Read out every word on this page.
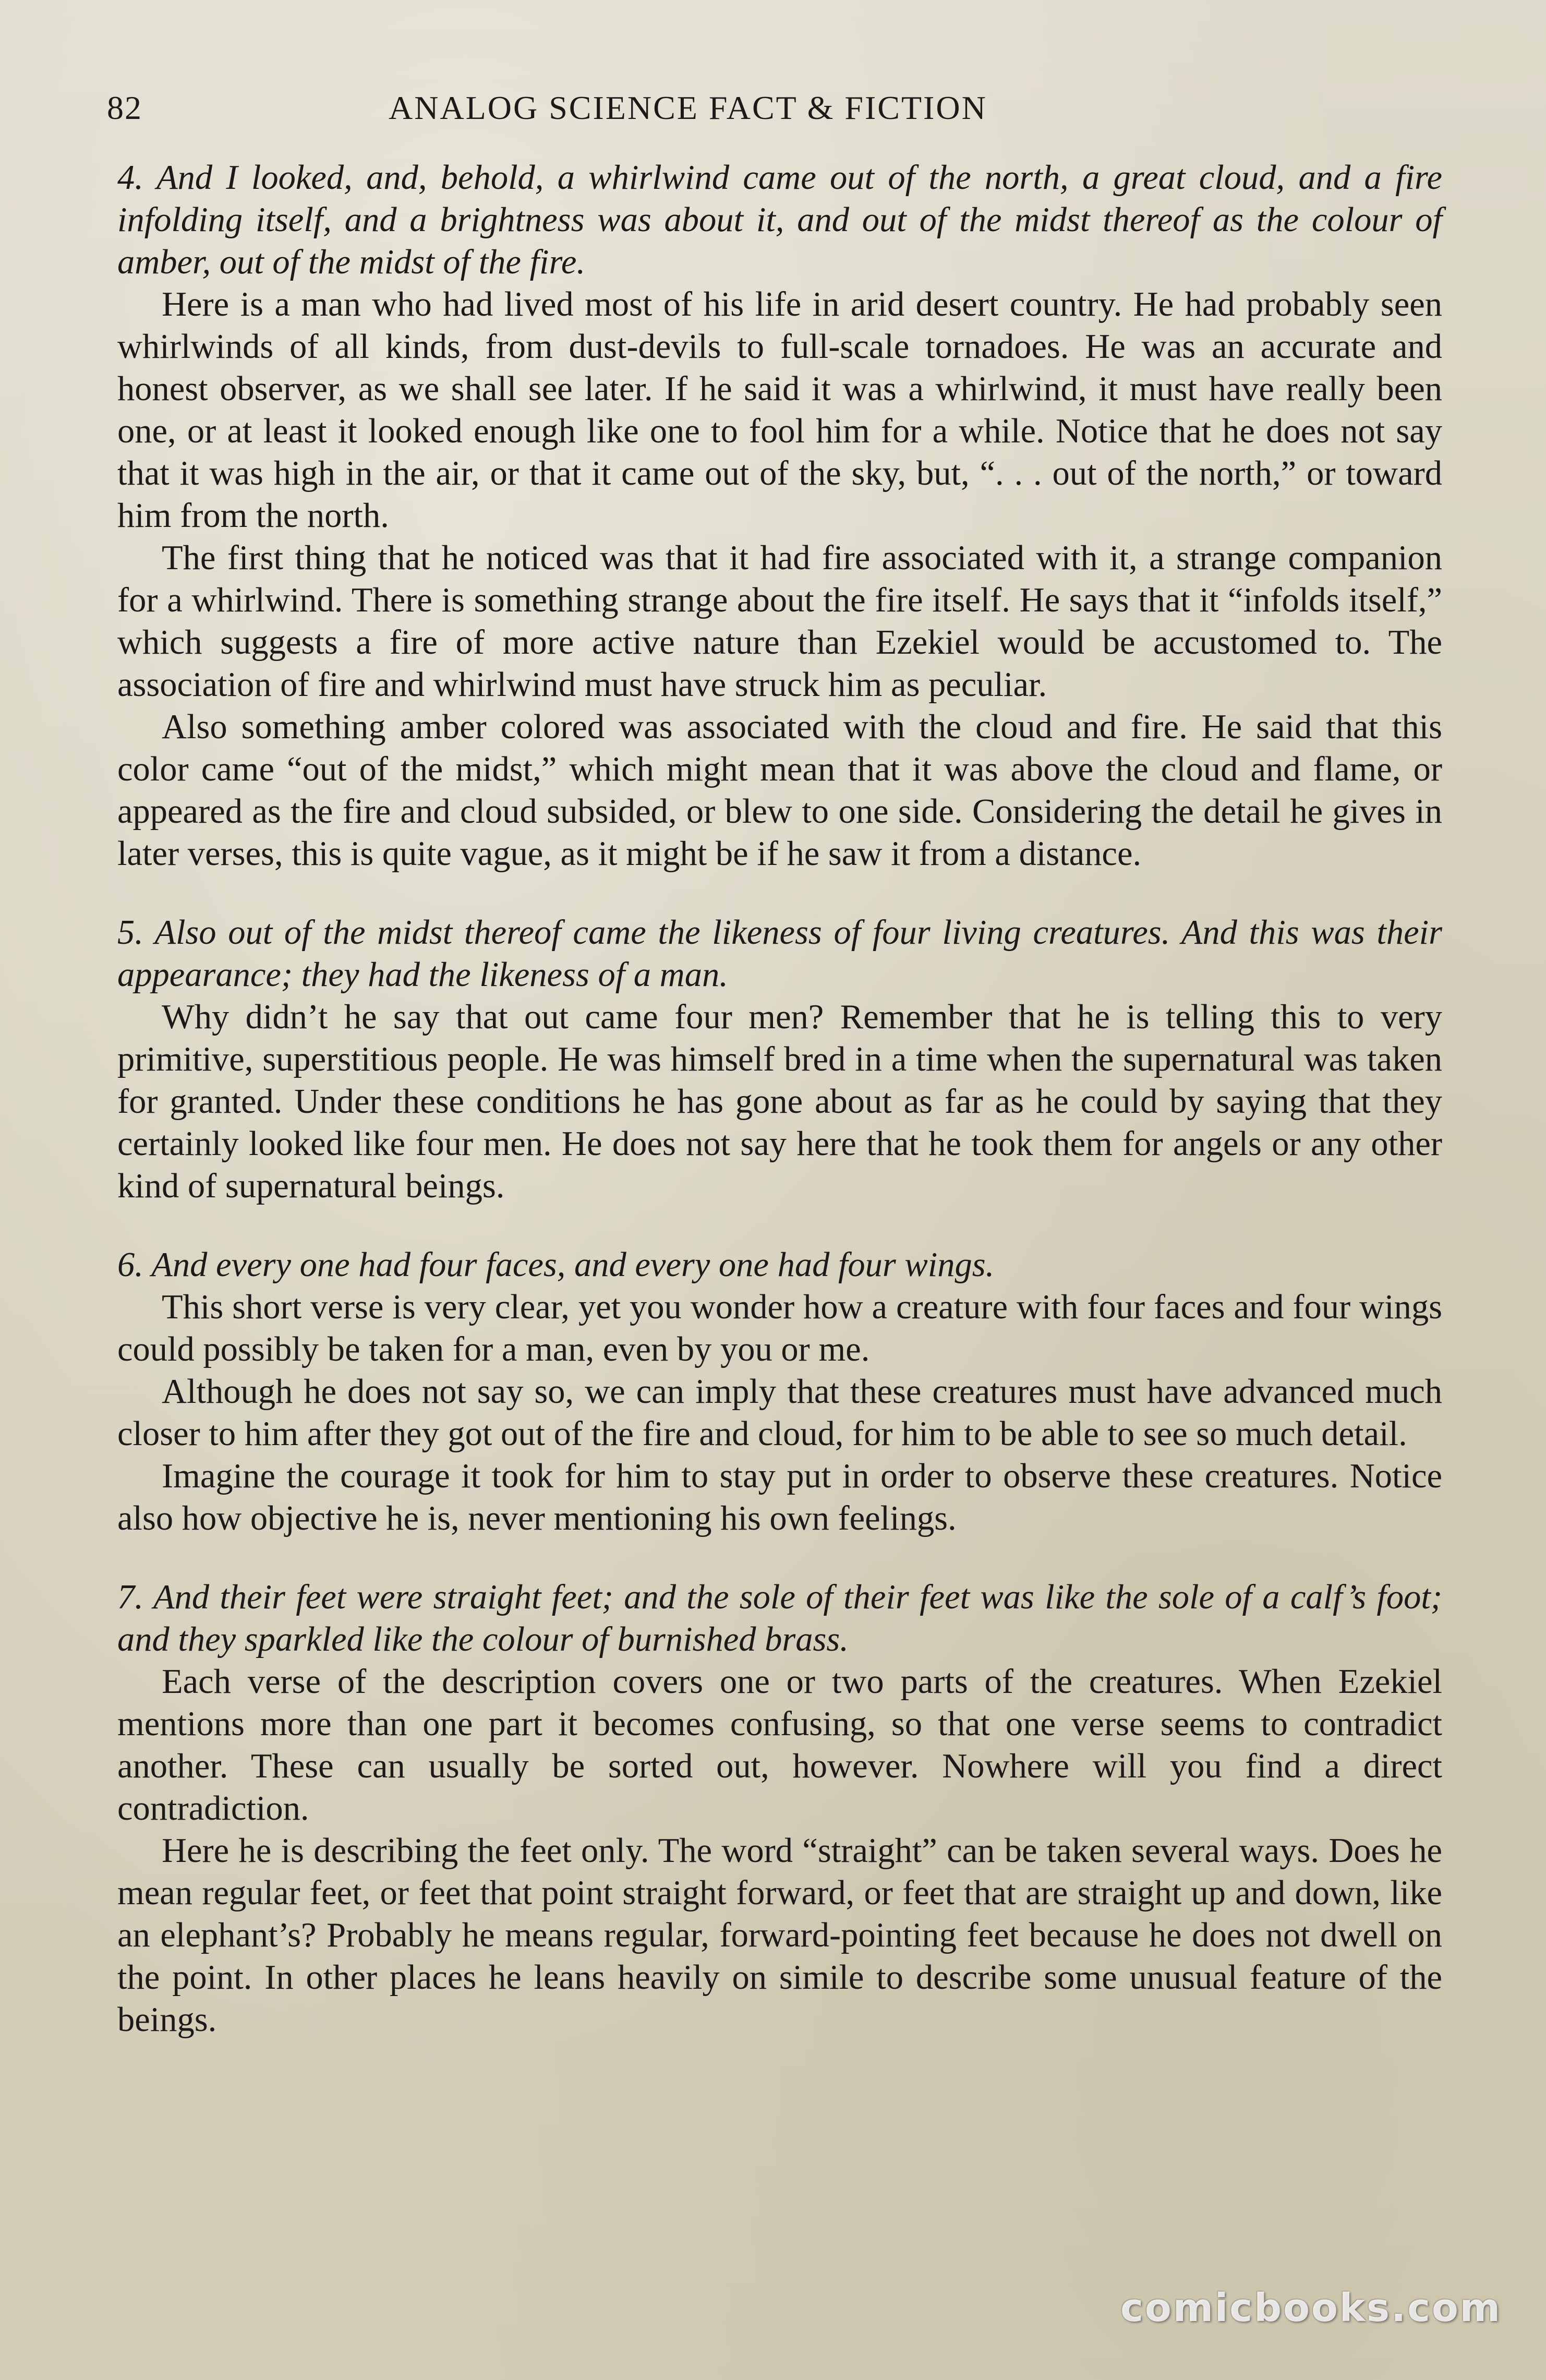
82	ANALOG SCIENCE FACT & FICTION

4. And I looked, and, behold, a whirlwind came out of the north, a great cloud, and a fire infolding itself, and a brightness was about it, and out of the midst thereof as the colour of amber, out of the midst of the fire.

Here is a man who had lived most of his life in arid desert country. He had probably seen whirlwinds of all kinds, from dust-devils to full-scale tornadoes. He was an accurate and honest observer, as we shall see later. If he said it was a whirlwind, it must have really been one, or at least it looked enough like one to fool him for a while. Notice that he does not say that it was high in the air, or that it came out of the sky, but, “. . . out of the north,” or toward him from the north.

The first thing that he noticed was that it had fire associated with it, a strange companion for a whirlwind. There is something strange about the fire itself. He says that it “infolds itself,” which suggests a fire of more active nature than Ezekiel would be accustomed to. The association of fire and whirlwind must have struck him as peculiar.

Also something amber colored was associated with the cloud and fire. He said that this color came “out of the midst,” which might mean that it was above the cloud and flame, or appeared as the fire and cloud subsided, or blew to one side. Considering the detail he gives in later verses, this is quite vague, as it might be if he saw it from a distance.

5. Also out of the midst thereof came the likeness of four living creatures. And this was their appearance; they had the likeness of a man.

Why didn’t he say that out came four men? Remember that he is telling this to very primitive, superstitious people. He was himself bred in a time when the supernatural was taken for granted. Under these conditions he has gone about as far as he could by saying that they certainly looked like four men. He does not say here that he took them for angels or any other kind of supernatural beings.

6. And every one had four faces, and every one had four wings.

This short verse is very clear, yet you wonder how a creature with four faces and four wings could possibly be taken for a man, even by you or me.

Although he does not say so, we can imply that these creatures must have advanced much closer to him after they got out of the fire and cloud, for him to be able to see so much detail.

Imagine the courage it took for him to stay put in order to observe these creatures. Notice also how objective he is, never mentioning his own feelings.

7. And their feet were straight feet; and the sole of their feet was like the sole of a calf’s foot; and they sparkled like the colour of burnished brass.

Each verse of the description covers one or two parts of the creatures. When Ezekiel mentions more than one part it becomes confusing, so that one verse seems to contradict another. These can usually be sorted out, however. Nowhere will you find a direct contradiction.

Here he is describing the feet only. The word “straight” can be taken several ways. Does he mean regular feet, or feet that point straight forward, or feet that are straight up and down, like an elephant’s? Probably he means regular, forward-pointing feet because he does not dwell on the point. In other places he leans heavily on simile to describe some unusual feature of the beings.

comicbooks.com
